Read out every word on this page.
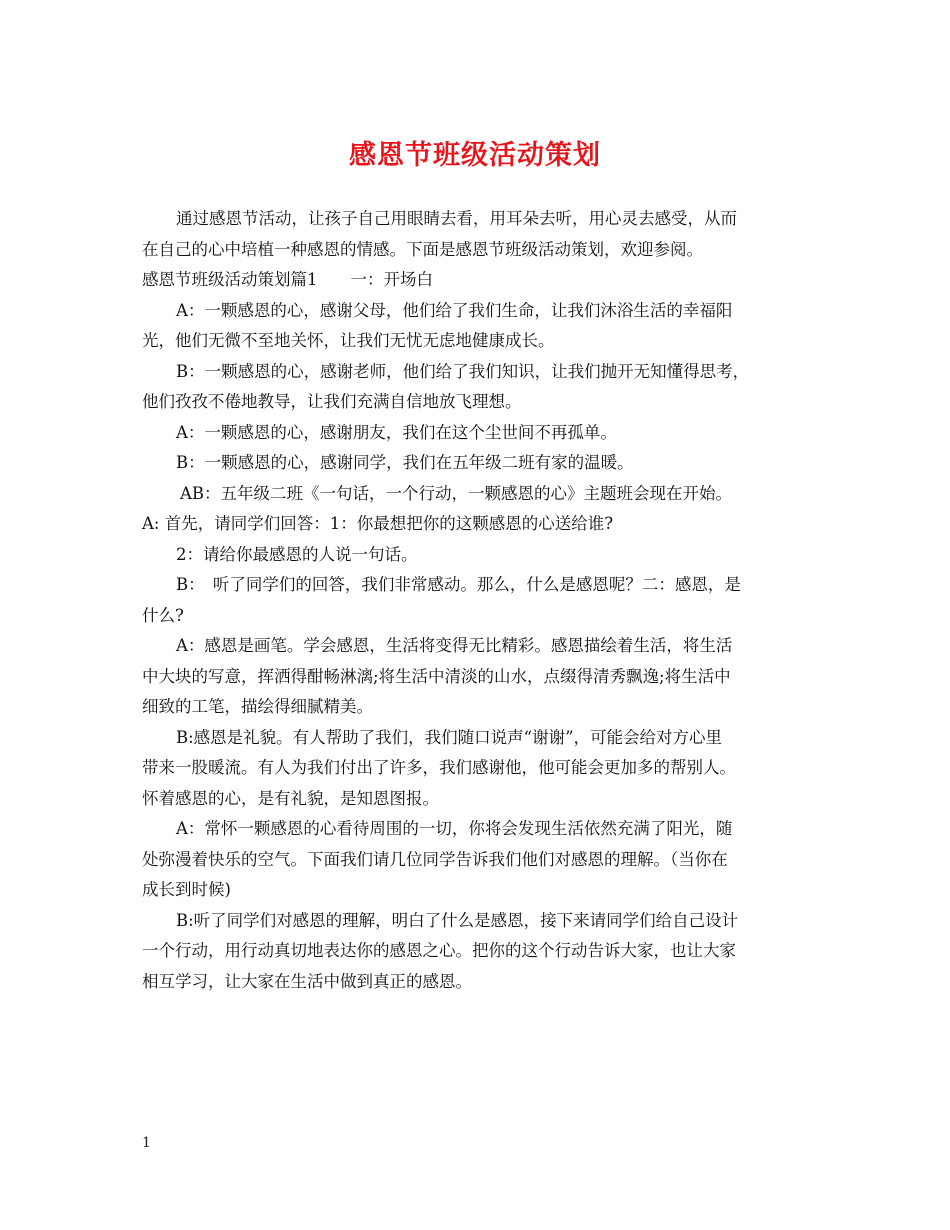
感恩节班级活动策划

通过感恩节活动，让孩子自己用眼睛去看，用耳朵去听，用心灵去感受，从而

在自己的心中培植一种感恩的情感。下面是感恩节班级活动策划，欢迎参阅。

感恩节班级活动策划篇1　　一：开场白

A：一颗感恩的心，感谢父母，他们给了我们生命，让我们沐浴生活的幸福阳

光，他们无微不至地关怀，让我们无忧无虑地健康成长。

B：一颗感恩的心，感谢老师，他们给了我们知识，让我们抛开无知懂得思考，

他们孜孜不倦地教导，让我们充满自信地放飞理想。

A：一颗感恩的心，感谢朋友，我们在这个尘世间不再孤单。

B：一颗感恩的心，感谢同学，我们在五年级二班有家的温暖。

AB：五年级二班《一句话，一个行动，一颗感恩的心》主题班会现在开始。

A: 首先，请同学们回答：1：你最想把你的这颗感恩的心送给谁?

2：请给你最感恩的人说一句话。

B：　听了同学们的回答，我们非常感动。那么，什么是感恩呢？二：感恩，是

什么?

A：感恩是画笔。学会感恩，生活将变得无比精彩。感恩描绘着生活，将生活

中大块的写意，挥洒得酣畅淋漓;将生活中清淡的山水，点缀得清秀飘逸;将生活中

细致的工笔，描绘得细腻精美。

B:感恩是礼貌。有人帮助了我们，我们随口说声“谢谢”，可能会给对方心里

带来一股暖流。有人为我们付出了许多，我们感谢他，他可能会更加多的帮别人。

怀着感恩的心，是有礼貌，是知恩图报。

A：常怀一颗感恩的心看待周围的一切，你将会发现生活依然充满了阳光，随

处弥漫着快乐的空气。下面我们请几位同学告诉我们他们对感恩的理解。（当你在

成长到时候)

B:听了同学们对感恩的理解，明白了什么是感恩，接下来请同学们给自己设计

一个行动，用行动真切地表达你的感恩之心。把你的这个行动告诉大家，也让大家

相互学习，让大家在生活中做到真正的感恩。

1
